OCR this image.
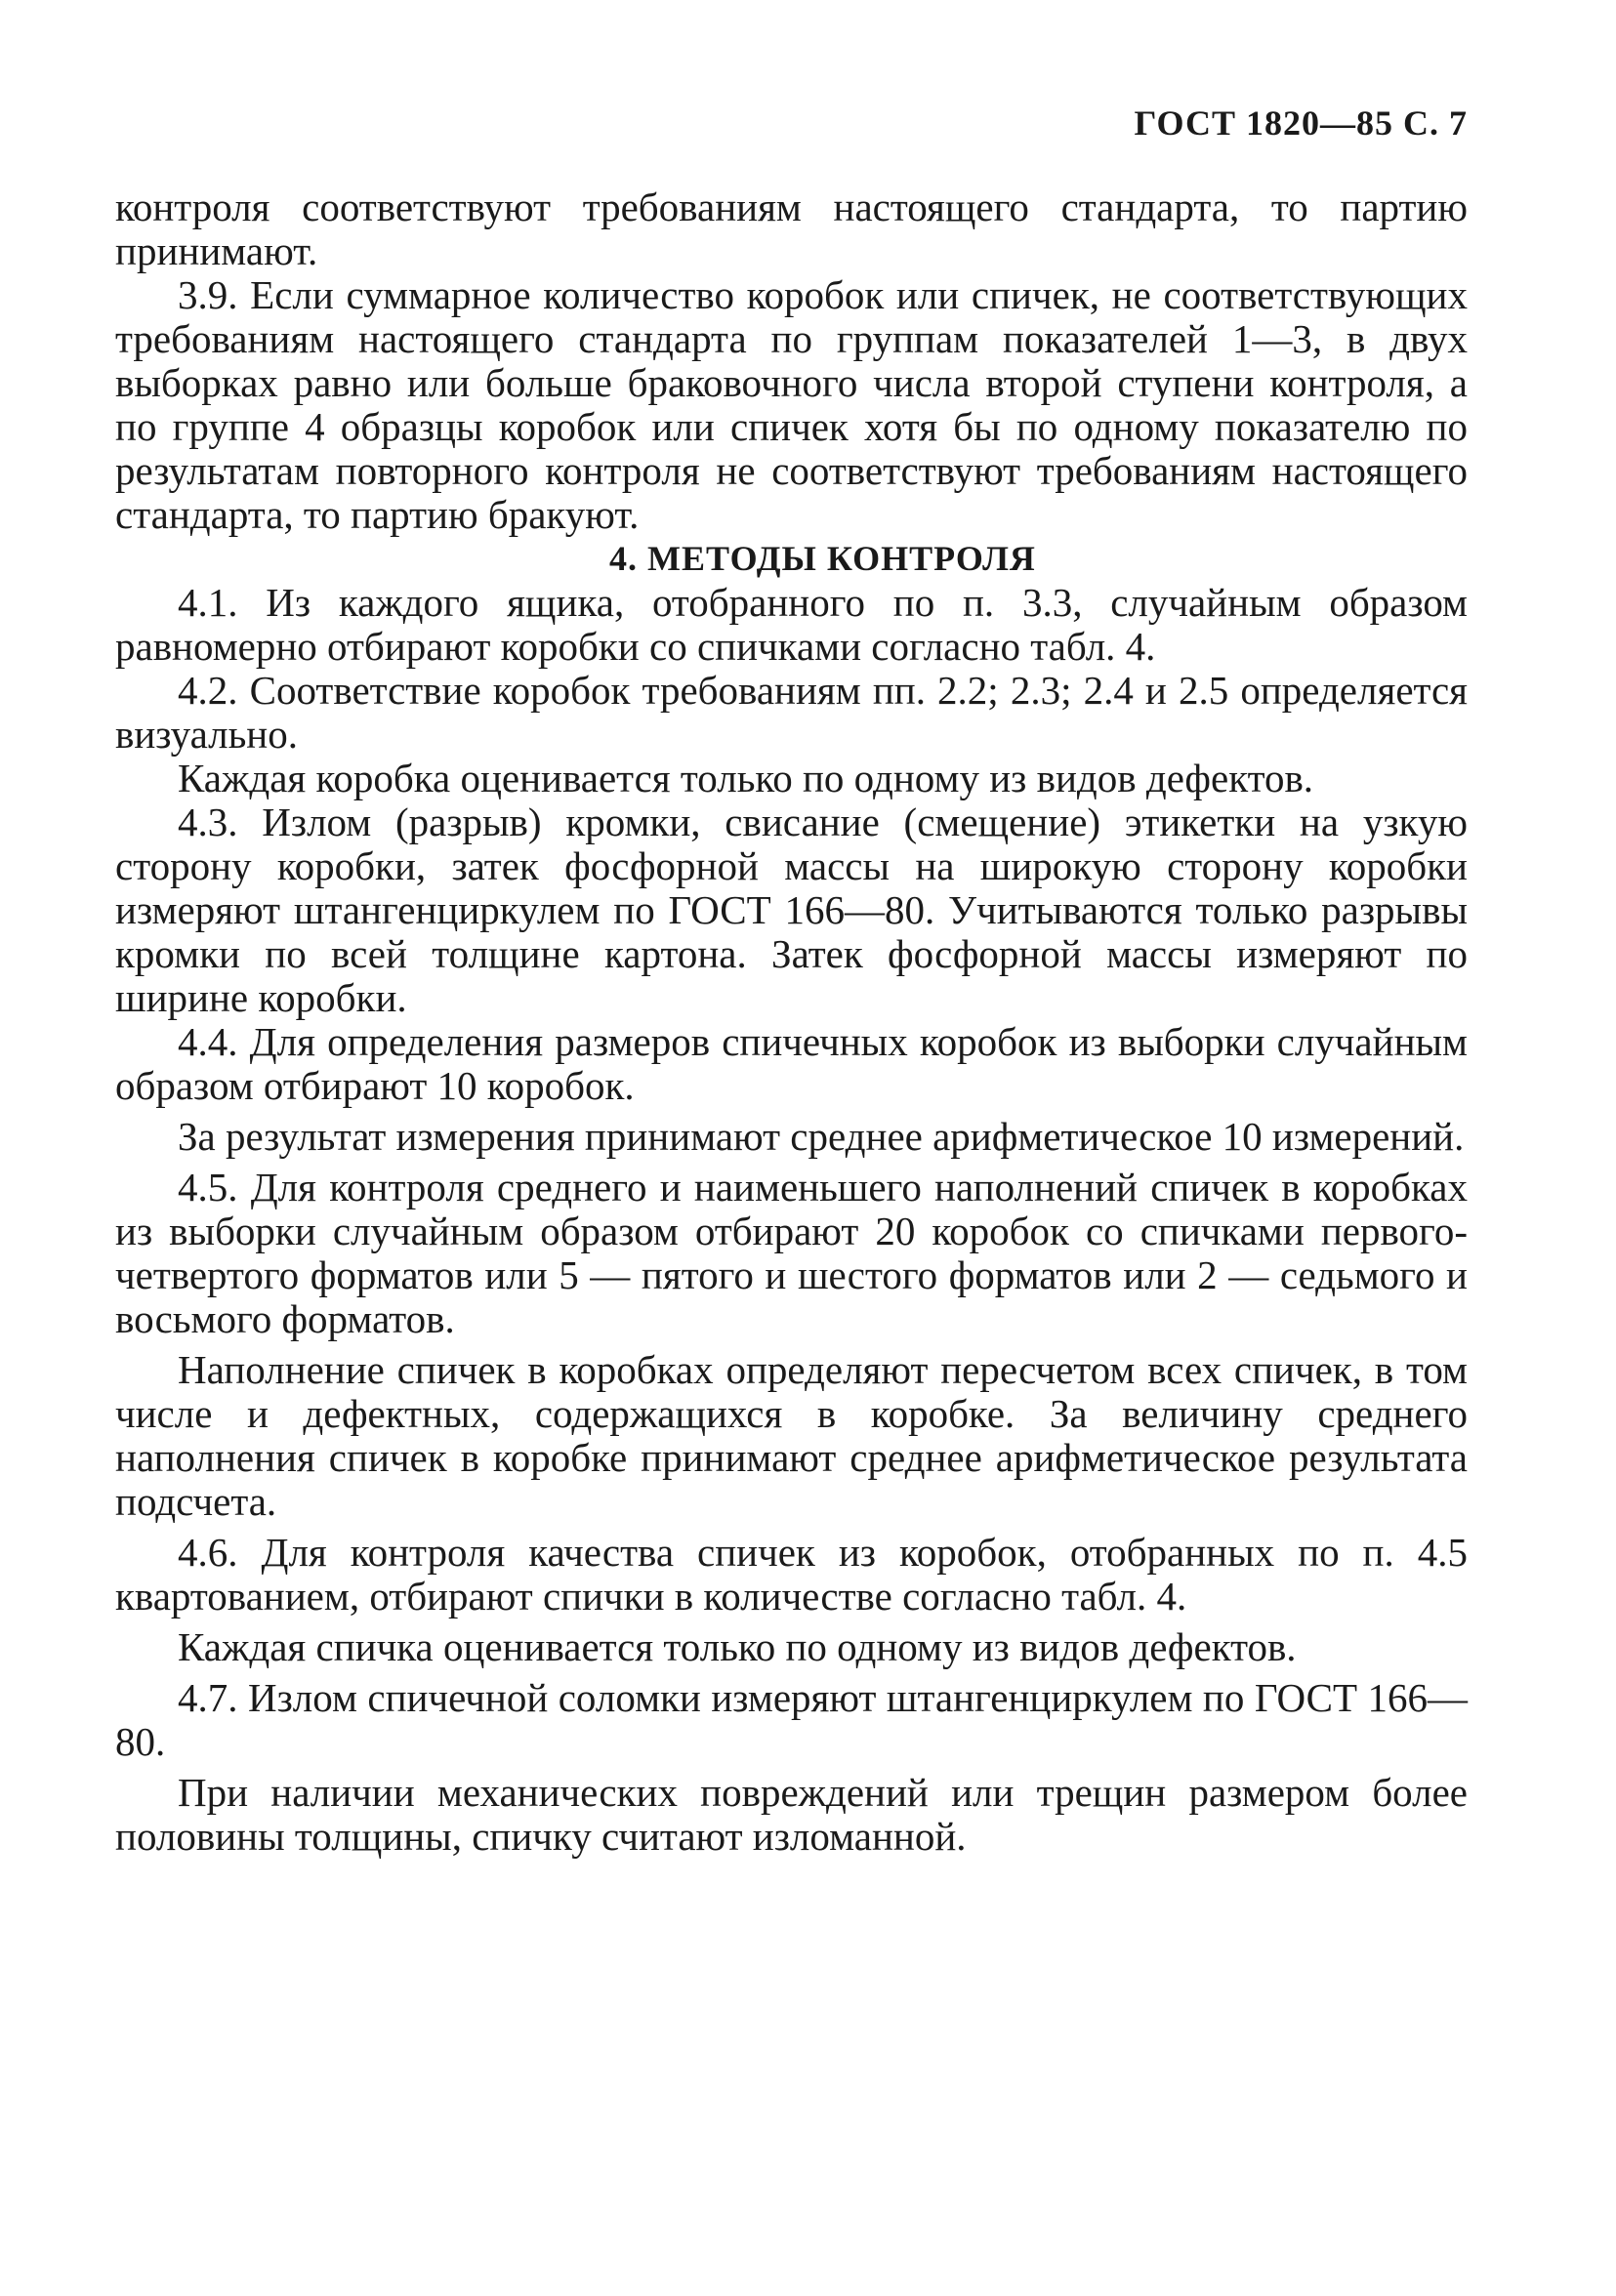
ГОСТ 1820—85 С. 7

контроля соответствуют требованиям настоящего стандарта, то партию принимают.

3.9. Если суммарное количество коробок или спичек, не соответствующих требованиям настоящего стандарта по группам показателей 1—3, в двух выборках равно или больше браковочного числа второй ступени контроля, а по группе 4 образцы коробок или спичек хотя бы по одному показателю по результатам повторного контроля не соответствуют требованиям настоящего стандарта, то партию бракуют.

4. МЕТОДЫ КОНТРОЛЯ

4.1. Из каждого ящика, отобранного по п. 3.3, случайным образом равномерно отбирают коробки со спичками согласно табл. 4.

4.2. Соответствие коробок требованиям пп. 2.2; 2.3; 2.4 и 2.5 определяется визуально.

Каждая коробка оценивается только по одному из видов дефектов.

4.3. Излом (разрыв) кромки, свисание (смещение) этикетки на узкую сторону коробки, затек фосфорной массы на широкую сторону коробки измеряют штангенциркулем по ГОСТ 166—80. Учитываются только разрывы кромки по всей толщине картона. Затек фосфорной массы измеряют по ширине коробки.

4.4. Для определения размеров спичечных коробок из выборки случайным образом отбирают 10 коробок.

За результат измерения принимают среднее арифметическое 10 измерений.

4.5. Для контроля среднего и наименьшего наполнений спичек в коробках из выборки случайным образом отбирают 20 коробок со спичками первого-четвертого форматов или 5 — пятого и шестого форматов или 2 — седьмого и восьмого форматов.

Наполнение спичек в коробках определяют пересчетом всех спичек, в том числе и дефектных, содержащихся в коробке. За величину среднего наполнения спичек в коробке принимают среднее арифметическое результата подсчета.

4.6. Для контроля качества спичек из коробок, отобранных по п. 4.5 квартованием, отбирают спички в количестве согласно табл. 4.

Каждая спичка оценивается только по одному из видов дефектов.

4.7. Излом спичечной соломки измеряют штангенциркулем по ГОСТ 166—80.

При наличии механических повреждений или трещин размером более половины толщины, спичку считают изломанной.
